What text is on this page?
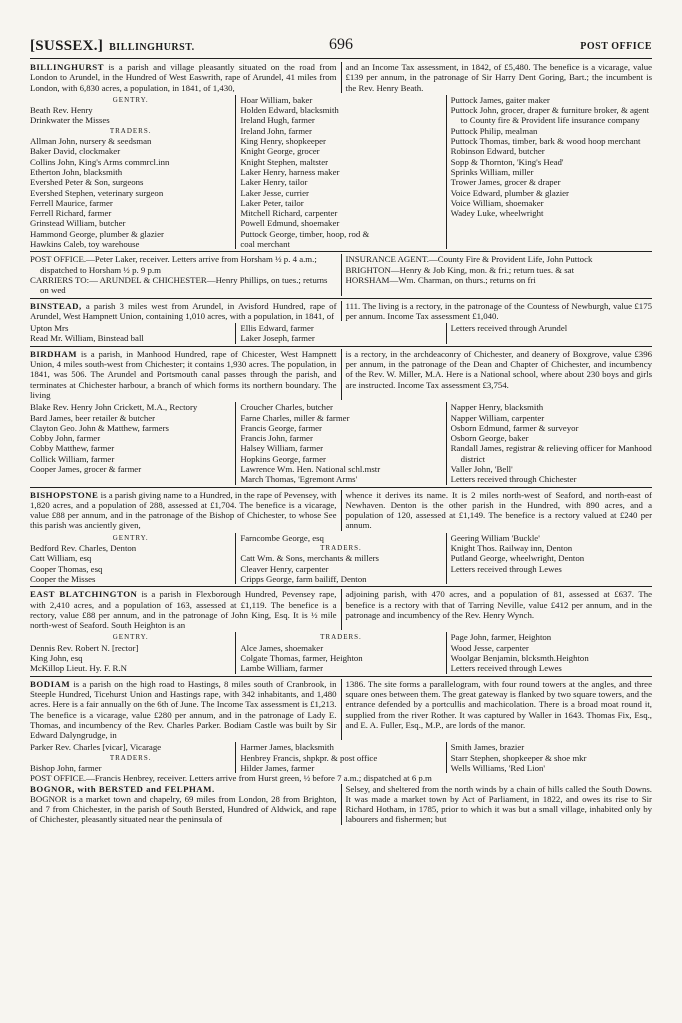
[SUSSEX.] BILLINGHURST.	696	POST OFFICE
BILLINGHURST is a parish and village pleasantly situated on the road from London to Arundel, in the Hundred of West Easwrith, rape of Arundel, 41 miles from London, with 6,830 acres, a population, in 1841, of 1,430,
and an Income Tax assessment, in 1842, of £5,480. The benefice is a vicarage, value £139 per annum, in the patronage of Sir Harry Dent Goring, Bart.; the incumbent is the Rev. Henry Beath.
GENTRY.
Beath Rev. Henry
Drinkwater the Misses
TRADERS.
Allman John, nursery & seedsman
Baker David, clockmaker
Collins John, King's Arms commrcl.inn
Etherton John, blacksmith
Evershed Peter & Son, surgeons
Evershed Stephen, veterinary surgeon
Ferrell Maurice, farmer
Ferrell Richard, farmer
Grinstead William, butcher
Hammond George, plumber & glazier
Hawkins Caleb, toy warehouse
Hoar William, baker
Holden Edward, blacksmith
Ireland Hugh, farmer
Ireland John, farmer
King Henry, shopkeeper
Knight George, grocer
Knight Stephen, maltster
Laker Henry, harness maker
Laker Henry, tailor
Laker Jesse, currier
Laker Peter, tailor
Mitchell Richard, carpenter
Powell Edmund, shoemaker
Puttock George, timber, hoop, rod &
coal merchant
Puttock James, gaiter maker
Puttock John, grocer, draper & furniture broker, & agent to County fire & Provident life insurance company
Puttock Philip, mealman
Puttock Thomas, timber, bark & wood hoop merchant
Robinson Edward, butcher
Sopp & Thornton, 'King's Head'
Sprinks William, miller
Trower James, grocer & draper
Voice Edward, plumber & glazier
Voice William, shoemaker
Wadey Luke, wheelwright
POST OFFICE.—Peter Laker, receiver. Letters arrive from Horsham ½ p. 4 a.m.; dispatched to Horsham ½ p. 9 p.m
CARRIERS TO:— ARUNDEL & CHICHESTER—Henry Phillips, on tues.; returns on wed
INSURANCE AGENT.—County Fire & Provident Life, John Puttock
BRIGHTON—Henry & Job King, mon. & fri.; return tues. & sat
HORSHAM—Wm. Charman, on thurs.; returns on fri
BINSTEAD, a parish 3 miles west from Arundel, in Avisford Hundred, rape of Arundel, West Hampnett Union, containing 1,010 acres, with a population, in 1841, of
111. The living is a rectory, in the patronage of the Countess of Newburgh, value £175 per annum. Income Tax assessment £1,040.
Upton Mrs
Read Mr. William, Binstead ball
Ellis Edward, farmer
Laker Joseph, farmer
Letters received through Arundel
BIRDHAM is a parish, in Manhood Hundred, rape of Chicester, West Hampnett Union, 4 miles south-west from Chichester; it contains 1,930 acres. The population, in 1841, was 506. The Arundel and Portsmouth canal passes through the parish, and terminates at Chichester harbour, a branch of which forms its northern boundary. The living
is a rectory, in the archdeaconry of Chichester, and deanery of Boxgrove, value £396 per annum, in the patronage of the Dean and Chapter of Chichester, and incumbency of the Rev. W. Miller, M.A. Here is a National school, where about 230 boys and girls are instructed. Income Tax assessment £3,754.
Blake Rev. Henry John Crickett, M.A., Rectory
Bard James, beer retailer & butcher
Clayton Geo. John & Matthew, farmers
Cobby John, farmer
Cobby Matthew, farmer
Collick William, farmer
Cooper James, grocer & farmer
Croucher Charles, butcher
Farne Charles, miller & farmer
Francis George, farmer
Francis John, farmer
Halsey William, farmer
Hopkins George, farmer
Lawrence Wm. Hen. National schl.mstr
March Thomas, 'Egremont Arms'
Napper Henry, blacksmith
Napper William, carpenter
Osborn Edmund, farmer & surveyor
Osborn George, baker
Randall James, registrar & relieving officer for Manhood district
Valler John, 'Bell'
Letters received through Chichester
BISHOPSTONE is a parish giving name to a Hundred, in the rape of Pevensey, with 1,820 acres, and a population of 288, assessed at £1,704. The benefice is a vicarage, value £88 per annum, and in the patronage of the Bishop of Chichester, to whose See this parish was anciently given,
whence it derives its name. It is 2 miles north-west of Seaford, and north-east of Newhaven. Denton is the other parish in the Hundred, with 890 acres, and a population of 120, assessed at £1,149. The benefice is a rectory valued at £240 per annum.
GENTRY.
Bedford Rev. Charles, Denton
Catt William, esq
Cooper Thomas, esq
Cooper the Misses
Farncombe George, esq
TRADERS.
Catt Wm. & Sons, merchants & millers
Cleaver Henry, carpenter
Cripps George, farm bailiff, Denton
Geering William 'Buckle'
Knight Thos. Railway inn, Denton
Putland George, wheelwright, Denton
Letters received through Lewes
EAST BLATCHINGTON is a parish in Flexborough Hundred, Pevensey rape, with 2,410 acres, and a population of 163, assessed at £1,119. The benefice is a rectory, value £88 per annum, and in the patronage of John King, Esq. It is ½ mile north-west of Seaford. South Heighton is an
adjoining parish, with 470 acres, and a population of 81, assessed at £637. The benefice is a rectory with that of Tarring Neville, value £412 per annum, and in the patronage and incumbency of the Rev. Henry Wynch.
GENTRY.
Dennis Rev. Robert N. [rector]
King John, esq
McKillop Lieut. Hy. F. R.N
TRADERS.
Alce James, shoemaker
Colgate Thomas, farmer, Heighton
Lambe William, farmer
Page John, farmer, Heighton
Wood Jesse, carpenter
Woolgar Benjamin, blcksmth.Heighton
Letters received through Lewes
BODIAM is a parish on the high road to Hastings, 8 miles south of Cranbrook, in Steeple Hundred, Ticehurst Union and Hastings rape, with 342 inhabitants, and 1,480 acres. Here is a fair annually on the 6th of June. The Income Tax assessment is £1,213. The benefice is a vicarage, value £280 per annum, and in the patronage of Lady E. Thomas, and incumbency of the Rev. Charles Parker. Bodiam Castle was built by Sir Edward Dalyngrudge, in
1386. The site forms a parallelogram, with four round towers at the angles, and three square ones between them. The great gateway is flanked by two square towers, and the entrance defended by a portcullis and machicolation. There is a broad moat round it, supplied from the river Rother. It was captured by Waller in 1643. Thomas Fix, Esq., and E. A. Fuller, Esq., M.P., are lords of the manor.
Parker Rev. Charles [vicar], Vicarage
TRADERS.
Bishop John, farmer
Harmer James, blacksmith
Henbrey Francis, shpkpr. & post office
Hilder James, farmer
Smith James, brazier
Starr Stephen, shopkeeper & shoe mkr
Wells Williams, 'Red Lion'
POST OFFICE.—Francis Henbrey, receiver. Letters arrive from Hurst green, ½ before 7 a.m.; dispatched at 6 p.m
BOGNOR, with BERSTED and FELPHAM.
BOGNOR is a market town and chapelry, 69 miles from London, 28 from Brighton, and 7 from Chichester, in the parish of South Bersted, Hundred of Aldwick, and rape of Chichester, pleasantly situated near the peninsula of
Selsey, and sheltered from the north winds by a chain of hills called the South Downs. It was made a market town by Act of Parliament, in 1822, and owes its rise to Sir Richard Hotham, in 1785, prior to which it was but a small village, inhabited only by labourers and fishermen; but
